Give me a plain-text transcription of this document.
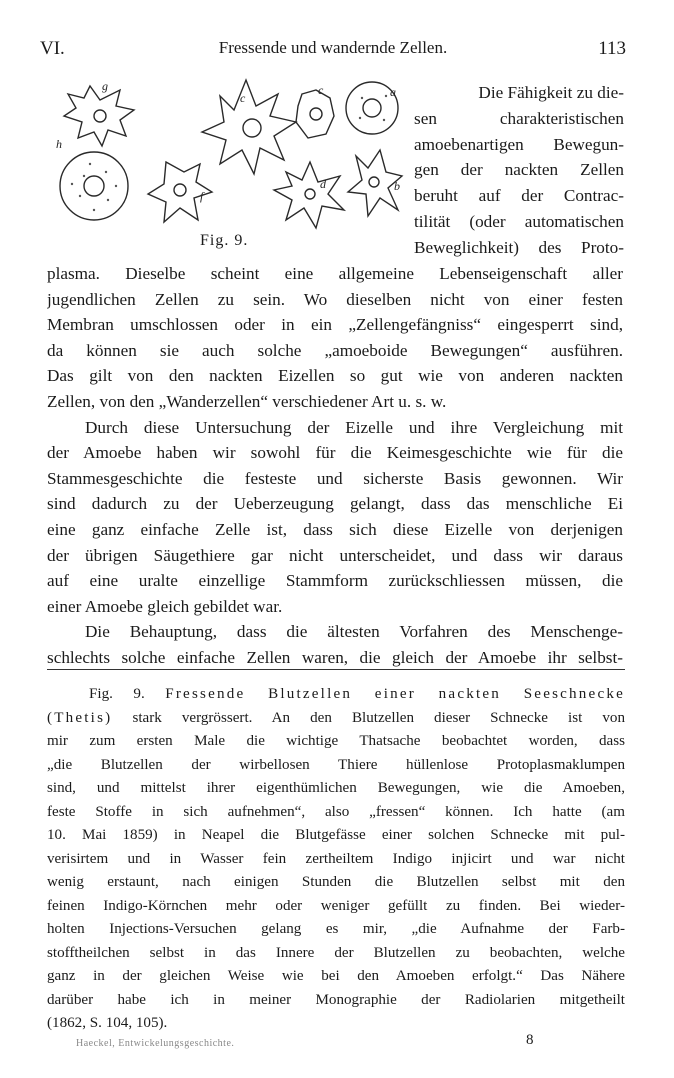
Fressende und wandernde Zellen.
VI.	113
g
c
c	a
h
f
d	b
Fig. 9.
Die Fähigkeit zu die-
sen charakteristischen
amoebenartigen Bewegun-
gen der nackten Zellen
beruht auf der Contrac-
tilität (oder automatischen
Beweglichkeit) des Proto-
plasma. Dieselbe scheint eine allgemeine Lebenseigenschaft aller
jugendlichen Zellen zu sein. Wo dieselben nicht von einer festen
Membran umschlossen oder in ein „Zellengefängniss“ eingesperrt sind,
da können sie auch solche „amoeboide Bewegungen“ ausführen.
Das gilt von den nackten Eizellen so gut wie von anderen nackten
Zellen, von den „Wanderzellen“ verschiedener Art u. s. w.
Durch diese Untersuchung der Eizelle und ihre Vergleichung mit
der Amoebe haben wir sowohl für die Keimesgeschichte wie für die
Stammesgeschichte die festeste und sicherste Basis gewonnen. Wir
sind dadurch zu der Ueberzeugung gelangt, dass das menschliche Ei
eine ganz einfache Zelle ist, dass sich diese Eizelle von derjenigen
der übrigen Säugethiere gar nicht unterscheidet, und dass wir daraus
auf eine uralte einzellige Stammform zurückschliessen müssen, die
einer Amoebe gleich gebildet war.
Die Behauptung, dass die ältesten Vorfahren des Menschenge-
schlechts solche einfache Zellen waren, die gleich der Amoebe ihr selbst-
Fig. 9. Fressende Blutzellen einer nackten Seeschnecke
(Thetis) stark vergrössert. An den Blutzellen dieser Schnecke ist von
mir zum ersten Male die wichtige Thatsache beobachtet worden, dass
„die Blutzellen der wirbellosen Thiere hüllenlose Protoplasmaklumpen
sind, und mittelst ihrer eigenthümlichen Bewegungen, wie die Amoeben,
feste Stoffe in sich aufnehmen“, also „fressen“ können. Ich hatte (am
10. Mai 1859) in Neapel die Blutgefässe einer solchen Schnecke mit pul-
verisirtem und in Wasser fein zertheiltem Indigo injicirt und war nicht
wenig erstaunt, nach einigen Stunden die Blutzellen selbst mit den
feinen Indigo-Körnchen mehr oder weniger gefüllt zu finden. Bei wieder-
holten Injections-Versuchen gelang es mir, „die Aufnahme der Farb-
stofftheilchen selbst in das Innere der Blutzellen zu beobachten, welche
ganz in der gleichen Weise wie bei den Amoeben erfolgt.“ Das Nähere
darüber habe ich in meiner Monographie der Radiolarien mitgetheilt
(1862, S. 104, 105).
Haeckel, Entwickelungsgeschichte.	8
